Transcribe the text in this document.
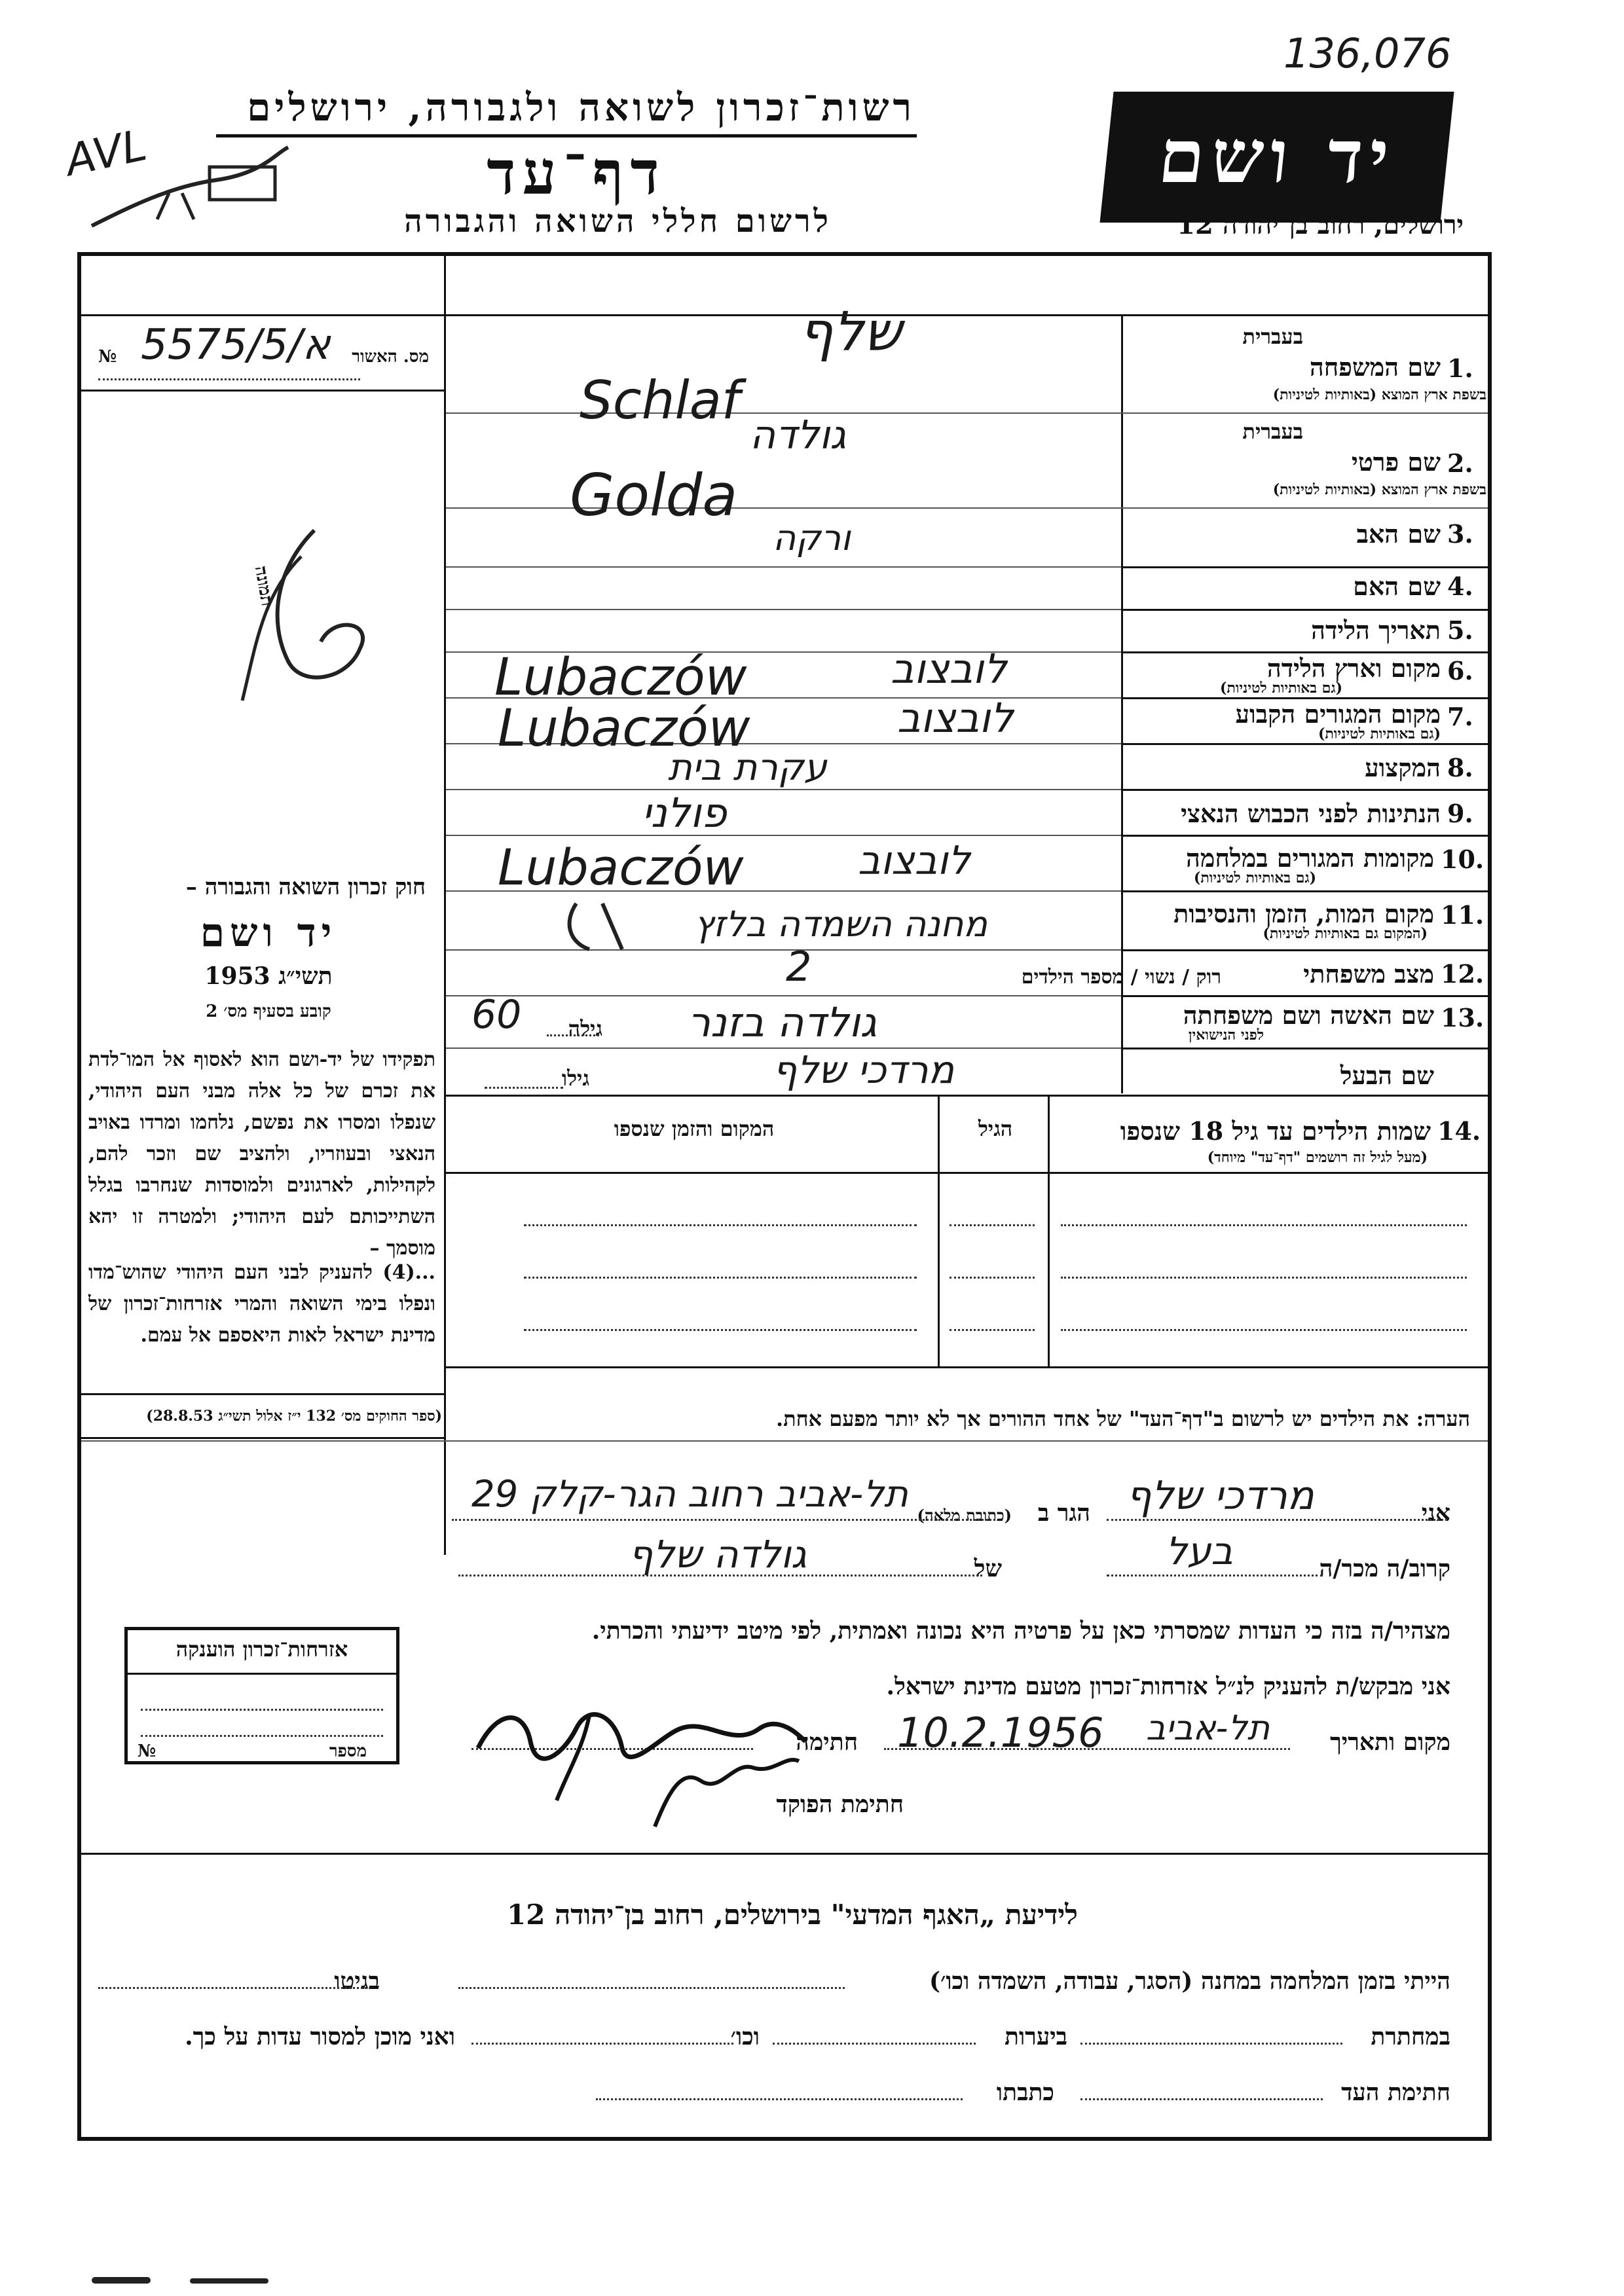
136,076
AVL
רשות־זכרון לשואה ולגבורה, ירושלים
דף־עד
לרשום חללי השואה והגבורה
יד ושם
ירושלים, רחוב בן־יהודה 12
№ א/5575/5 מס. האשור
תמונה
חוק זכרון השואה והגבורה –
יד ושם
תשי״ג 1953
קובע בסעיף מס׳ 2
תפקידו של יד-ושם הוא לאסוף אל המו־לדת את זכרם של כל אלה מבני העם היהודי, שנפלו ומסרו את נפשם, נלחמו ומרדו באויב הנאצי ובעוזריו, ולהציב שם וזכר להם, לקהילות, לארגונים ולמוסדות שנחרבו בגלל השתייכותם לעם היהודי; ולמטרה זו יהא מוסמך –
...(4) להעניק לבני העם היהודי שהוש־מדו ונפלו בימי השואה והמרי אזרחות־זכרון של מדינת ישראל לאות היאספם אל עמם.
(ספר החוקים מס׳ 132 י״ז אלול תשי״ג 28.8.53)
1.
שם המשפחה
בעברית
בשפת ארץ המוצא (באותיות לטיניות)
שלף
Schlaf
2.
שם פרטי
בעברית
בשפת ארץ המוצא (באותיות לטיניות)
גולדה
Golda
3.
שם האב
ורקה
4.
שם האם
5.
תאריך הלידה
6.
מקום וארץ הלידה
(גם באותיות לטיניות)
לובצוב
Lubaczów
7.
מקום המגורים הקבוע
(גם באותיות לטיניות)
לובצוב
Lubaczów
8.
המקצוע
עקרת בית
9.
הנתינות לפני הכבוש הנאצי
פולני
10.
מקומות המגורים במלחמה
(גם באותיות לטיניות)
לובצוב
Lubaczów
11.
מקום המות, הזמן והנסיבות
(המקום גם באותיות לטיניות)
מחנה השמדה בלזץ
12.
מצב משפחתי
רוק / נשוי / מספר הילדים
2
13.
שם האשה ושם משפחתה
לפני הנישואין
גילה גולדה בזנר
60
שם הבעל
גילו	מרדכי שלף
14.
שמות הילדים עד גיל 18 שנספו
(מעל לגיל זה רושמים "דף־עד" מיוחד)
הגיל
המקום והזמן שנספו
הערה: את הילדים יש לרשום ב"דף־העד" של אחד ההורים אך לא יותר מפעם אחת.
אני
מרדכי שלף
הגר ב
(כתובת מלאה)
תל-אביב רחוב הגר-קלק 29
קרוב/ה מכר/ה
בעל
של
גולדה שלף
מצהיר/ה בזה כי העדות שמסרתי כאן על פרטיה היא נכונה ואמתית, לפי מיטב ידיעתי והכרתי.
אני מבקש/ת להעניק לנ״ל אזרחות־זכרון מטעם מדינת ישראל.
מקום ותאריך
תל-אביב
10.2.1956
חתימה
חתימת הפוקד
אזרחות־זכרון הוענקה
מספר
№
לידיעת „האגף המדעי" בירושלים, רחוב בן־יהודה 12
הייתי בזמן המלחמה במחנה (הסגר, עבודה, השמדה וכו׳)
בגיטו
במחתרת
ביערות
וכו׳
ואני מוכן למסור עדות על כך.
חתימת העד
כתבתו
